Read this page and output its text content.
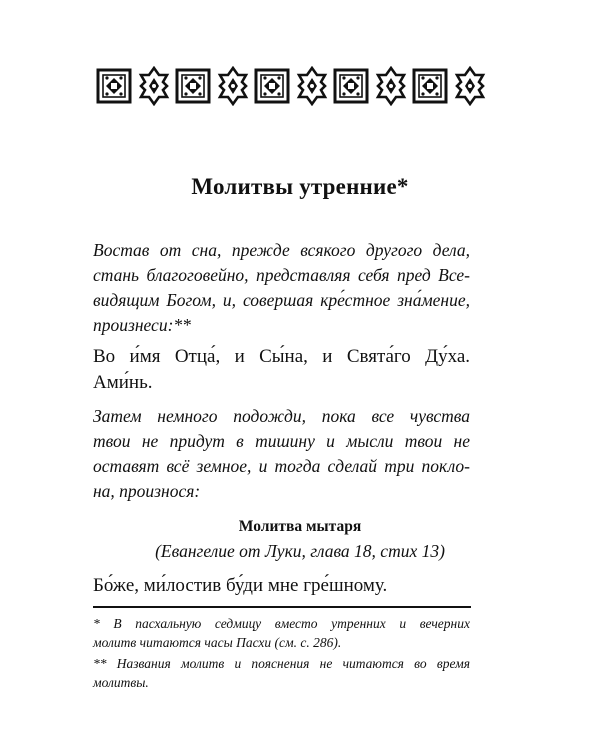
Молитвы утренние*

Востав от сна, прежде всякого другого дела,
стань благоговейно, представляя себя пред Все-
видящим Богом, и, совершая кре́стное зна́мение,
произнеси:**

Во и́мя Отца́, и Сы́на, и Свята́го Ду́ха.
Ами́нь.

Затем немного подожди, пока все чувства
твои не придут в тишину и мысли твои не
оставят всё земное, и тогда сделай три покло-
на, произнося:

Молитва мытаря

(Евангелие от Луки, глава 18, стих 13)

Бо́же, ми́лостив бу́ди мне гре́шному.

* В пасхальную седмицу вместо утренних и вечерних
молитв читаются часы Пасхи (см. с. 286).

** Названия молитв и пояснения не читаются во время
молитвы.
